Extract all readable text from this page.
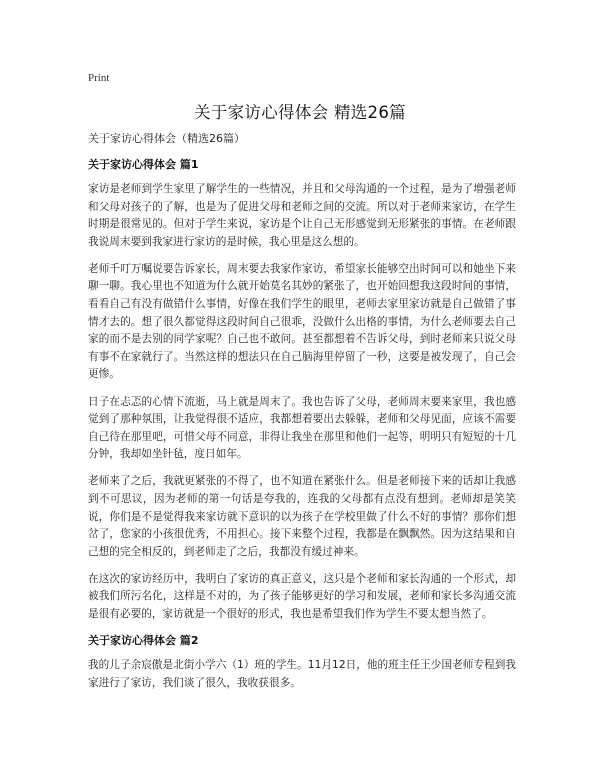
Print
关于家访心得体会 精选26篇
关于家访心得体会（精选26篇）
关于家访心得体会 篇1

家访是老师到学生家里了解学生的一些情况，并且和父母沟通的一个过程，是为了增强老师和父母对孩子的了解，也是为了促进父母和老师之间的交流。所以对于老师来家访，在学生时期是很常见的。但对于学生来说，家访是个让自己无形感觉到无形紧张的事情。在老师跟我说周末要到我家进行家访的是时候，我心里是这么想的。

老师千叮万嘱说要告诉家长，周末要去我家作家访，希望家长能够空出时间可以和她坐下来聊一聊。我心里也不知道为什么就开始莫名其妙的紧张了，也开始回想我这段时间的事情，看看自己有没有做错什么事情，好像在我们学生的眼里，老师去家里家访就是自己做错了事情才去的。想了很久都觉得这段时间自己很乖，没做什么出格的事情，为什么老师要去自己家的而不是去别的同学家呢？自己也不敢问。甚至都想着不告诉父母，到时老师来只说父母有事不在家就行了。当然这样的想法只在自己脑海里停留了一秒，这要是被发现了，自己会更惨。

日子在忐忑的心情下流逝，马上就是周末了。我也告诉了父母，老师周末要来家里，我也感觉到了那种氛围，让我觉得很不适应，我都想着要出去躲躲，老师和父母见面，应该不需要自己待在那里吧，可惜父母不同意，非得让我坐在那里和他们一起等，明明只有短短的十几分钟，我却如坐针毡，度日如年。

老师来了之后，我就更紧张的不得了，也不知道在紧张什么。但是老师接下来的话却让我感到不可思议，因为老师的第一句话是夸我的，连我的父母都有点没有想到。老师却是笑笑说，你们是不是觉得我来家访就下意识的以为孩子在学校里做了什么不好的事情？那你们想岔了，您家的小孩很优秀，不用担心。接下来整个过程，我都是在飘飘然。因为这结果和自己想的完全相反的，到老师走了之后，我都没有缓过神来。

在这次的家访经历中，我明白了家访的真正意义，这只是个老师和家长沟通的一个形式，却被我们所污名化，这样是不对的，为了孩子能够更好的学习和发展，老师和家长多沟通交流是很有必要的，家访就是一个很好的形式，我也是希望我们作为学生不要太想当然了。

关于家访心得体会 篇2

我的儿子余宸傲是北街小学六（1）班的学生。11月12日，他的班主任王少国老师专程到我家进行了家访，我们谈了很久，我收获很多。
